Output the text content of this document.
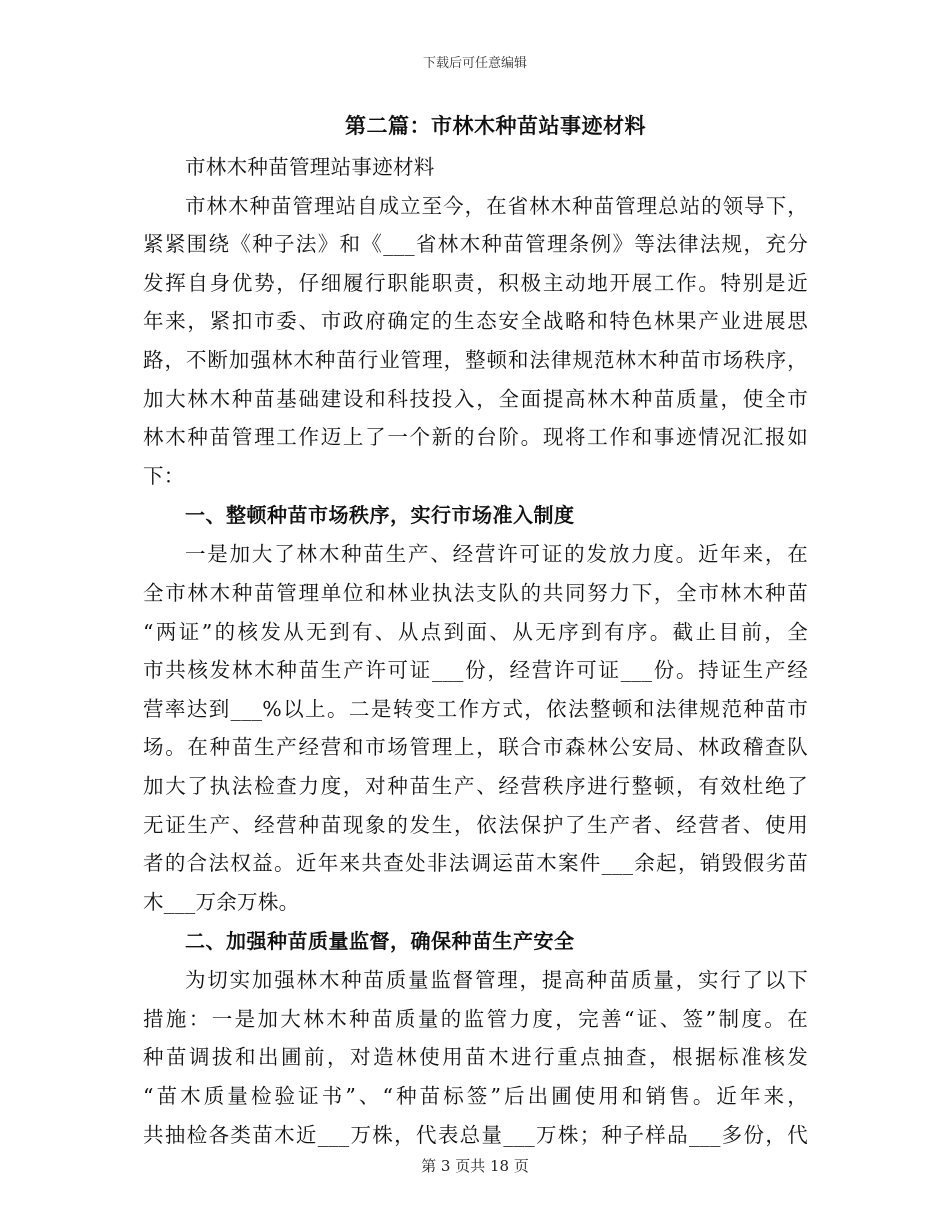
下载后可任意编辑
第二篇：市林木种苗站事迹材料
市林木种苗管理站事迹材料
市林木种苗管理站自成立至今，在省林木种苗管理总站的领导下，
紧紧围绕《种子法》和《___省林木种苗管理条例》等法律法规，充分
发挥自身优势，仔细履行职能职责，积极主动地开展工作。特别是近
年来，紧扣市委、市政府确定的生态安全战略和特色林果产业进展思
路，不断加强林木种苗行业管理，整顿和法律规范林木种苗市场秩序，
加大林木种苗基础建设和科技投入，全面提高林木种苗质量，使全市
林木种苗管理工作迈上了一个新的台阶。现将工作和事迹情况汇报如
下：
一、整顿种苗市场秩序，实行市场准入制度
一是加大了林木种苗生产、经营许可证的发放力度。近年来，在
全市林木种苗管理单位和林业执法支队的共同努力下，全市林木种苗
“两证”的核发从无到有、从点到面、从无序到有序。截止目前，全
市共核发林木种苗生产许可证___份，经营许可证___份。持证生产经
营率达到___%以上。二是转变工作方式，依法整顿和法律规范种苗市
场。在种苗生产经营和市场管理上，联合市森林公安局、林政稽查队
加大了执法检查力度，对种苗生产、经营秩序进行整顿，有效杜绝了
无证生产、经营种苗现象的发生，依法保护了生产者、经营者、使用
者的合法权益。近年来共查处非法调运苗木案件___余起，销毁假劣苗
木___万余万株。
二、加强种苗质量监督，确保种苗生产安全
为切实加强林木种苗质量监督管理，提高种苗质量，实行了以下
措施：一是加大林木种苗质量的监管力度，完善“证、签”制度。在
种苗调拔和出圃前，对造林使用苗木进行重点抽查，根据标准核发
“苗木质量检验证书”、“种苗标签”后出圃使用和销售。近年来，
共抽检各类苗木近___万株，代表总量___万株；种子样品___多份，代
第 3 页共 18 页
